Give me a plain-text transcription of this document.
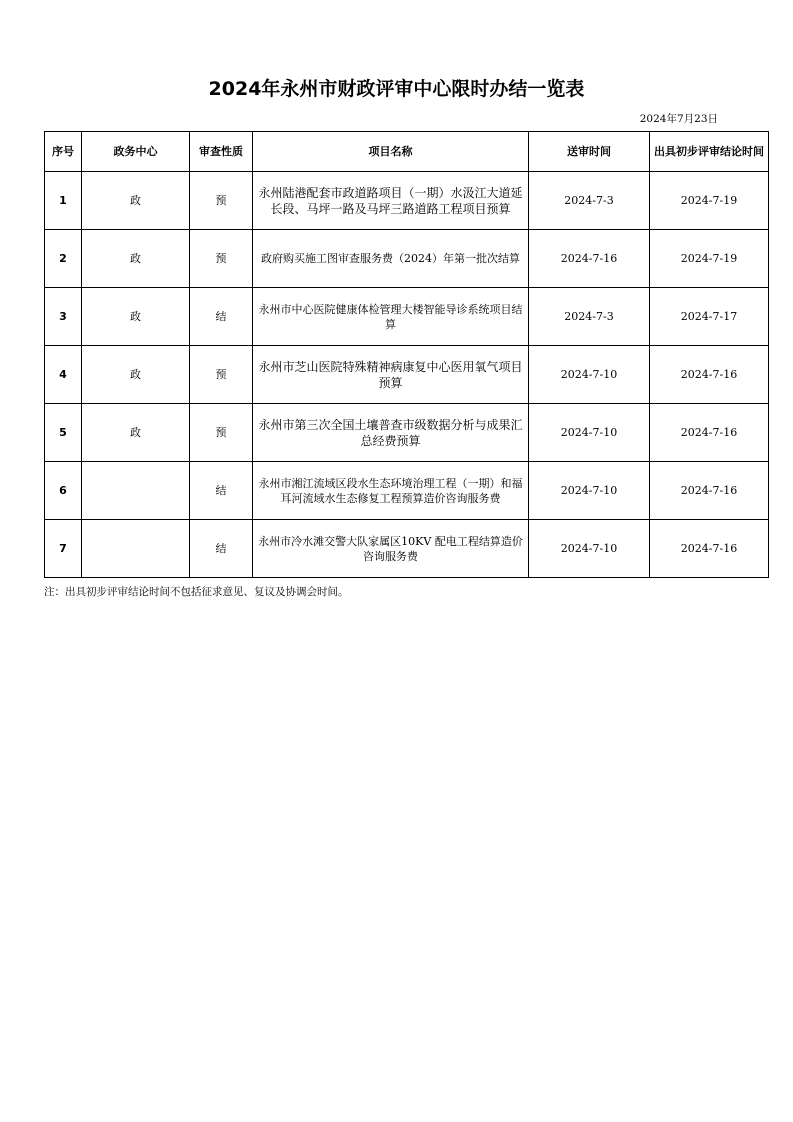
2024年永州市财政评审中心限时办结一览表
2024年7月23日
序号	政务中心	审查性质	项目名称	送审时间	出具初步评审结论时间
1	政	预	永州陆港配套市政道路项目（一期）水汲江大道延长段、马坪一路及马坪三路道路工程项目预算	2024-7-3	2024-7-19
2	政	预	政府购买施工图审查服务费（2024）年第一批次结算	2024-7-16	2024-7-19
3	政	结	永州市中心医院健康体检管理大楼智能导诊系统项目结算	2024-7-3	2024-7-17
4	政	预	永州市芝山医院特殊精神病康复中心医用氧气项目预算	2024-7-10	2024-7-16
5	政	预	永州市第三次全国土壤普查市级数据分析与成果汇总经费预算	2024-7-10	2024-7-16
6		结	永州市湘江流域区段水生态环境治理工程（一期）和福耳河流域水生态修复工程预算造价咨询服务费	2024-7-10	2024-7-16
7		结	永州市冷水滩交警大队家属区10KV 配电工程结算造价咨询服务费	2024-7-10	2024-7-16
注：出具初步评审结论时间不包括征求意见、复议及协调会时间。
